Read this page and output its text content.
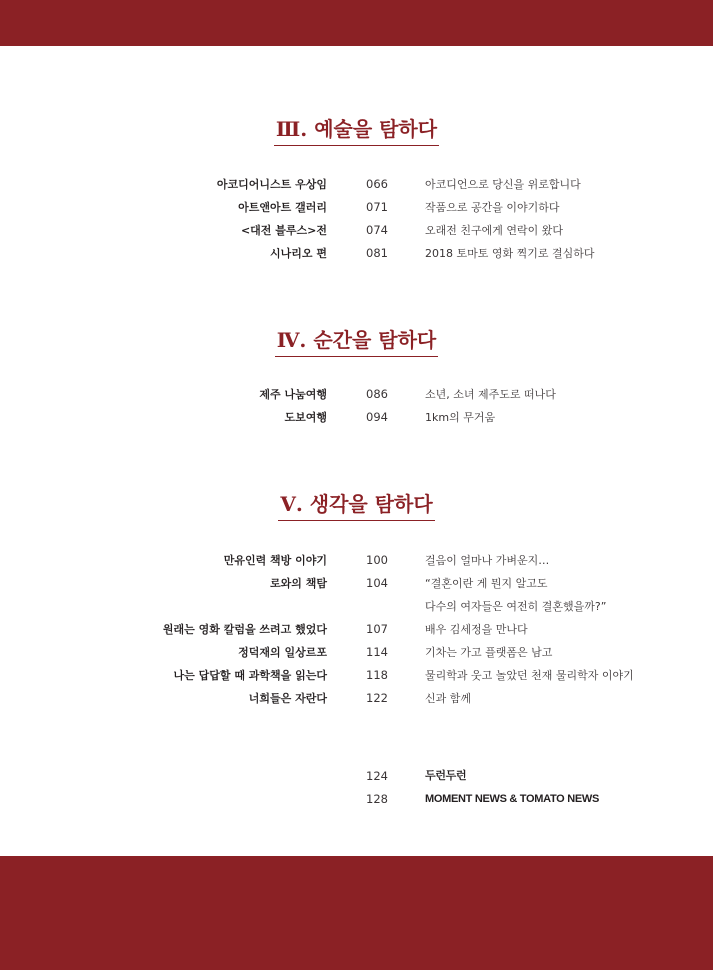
Ⅲ. 예술을 탐하다
아코디어니스트 우상임	066	아코디언으로 당신을 위로합니다
아트앤아트 갤러리	071	작품으로 공간을 이야기하다
<대전 블루스>전	074	오래전 친구에게 연락이 왔다
시나리오 편	081	2018 토마토 영화 찍기로 결심하다
Ⅳ. 순간을 탐하다
제주 나눔여행	086	소년, 소녀 제주도로 떠나다
도보여행	094	1km의 무거움
Ⅴ. 생각을 탐하다
만유인력 책방 이야기	100	걸음이 얼마나 가벼운지…
로와의 책탐	104	“결혼이란 게 뭔지 알고도
다수의 여자들은 여전히 결혼했을까?”
원래는 영화 칼럼을 쓰려고 했었다	107	배우 김세정을 만나다
정덕재의 일상르포	114	기차는 가고 플랫폼은 남고
나는 답답할 때 과학책을 읽는다	118	물리학과 웃고 놀았던 천재 물리학자 이야기
너희들은 자란다	122	신과 함께
124	두런두런
128	MOMENT NEWS & TOMATO NEWS
